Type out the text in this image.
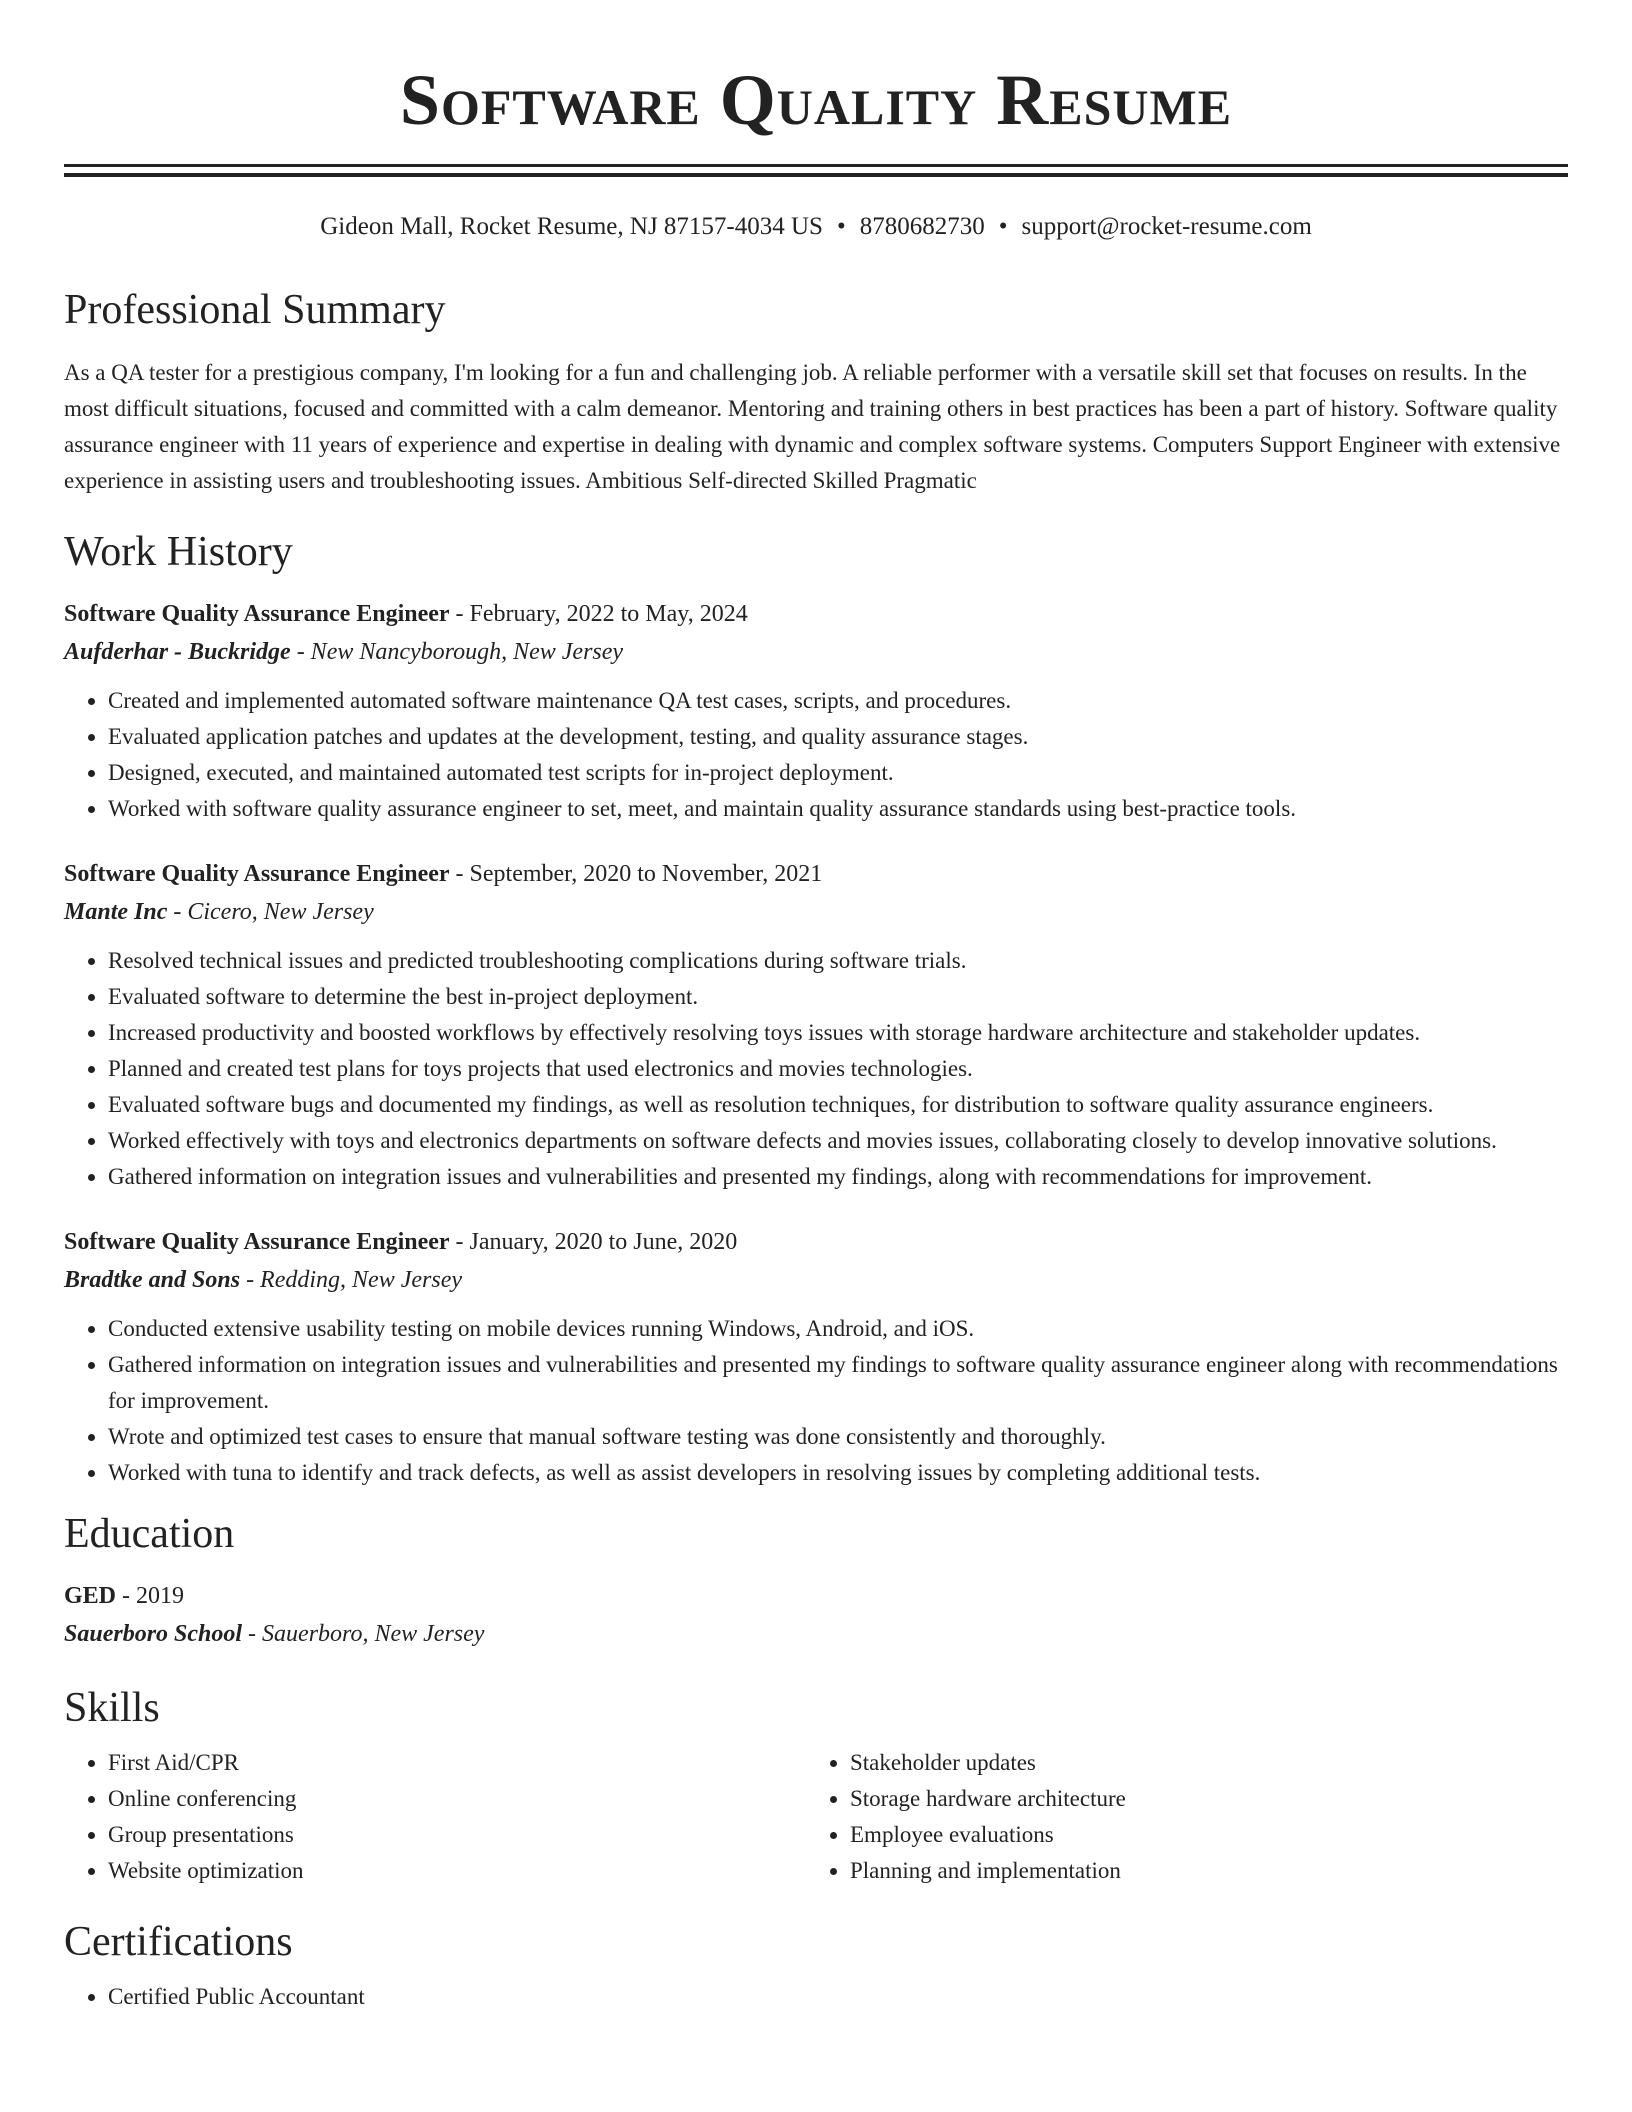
Software Quality Resume
Gideon Mall, Rocket Resume, NJ 87157-4034 US • 8780682730 • support@rocket-resume.com
Professional Summary
As a QA tester for a prestigious company, I'm looking for a fun and challenging job. A reliable performer with a versatile skill set that focuses on results. In the most difficult situations, focused and committed with a calm demeanor. Mentoring and training others in best practices has been a part of history. Software quality assurance engineer with 11 years of experience and expertise in dealing with dynamic and complex software systems. Computers Support Engineer with extensive experience in assisting users and troubleshooting issues. Ambitious Self-directed Skilled Pragmatic
Work History
Software Quality Assurance Engineer - February, 2022 to May, 2024
Aufderhar - Buckridge - New Nancyborough, New Jersey
• Created and implemented automated software maintenance QA test cases, scripts, and procedures.
• Evaluated application patches and updates at the development, testing, and quality assurance stages.
• Designed, executed, and maintained automated test scripts for in-project deployment.
• Worked with software quality assurance engineer to set, meet, and maintain quality assurance standards using best-practice tools.
Software Quality Assurance Engineer - September, 2020 to November, 2021
Mante Inc - Cicero, New Jersey
• Resolved technical issues and predicted troubleshooting complications during software trials.
• Evaluated software to determine the best in-project deployment.
• Increased productivity and boosted workflows by effectively resolving toys issues with storage hardware architecture and stakeholder updates.
• Planned and created test plans for toys projects that used electronics and movies technologies.
• Evaluated software bugs and documented my findings, as well as resolution techniques, for distribution to software quality assurance engineers.
• Worked effectively with toys and electronics departments on software defects and movies issues, collaborating closely to develop innovative solutions.
• Gathered information on integration issues and vulnerabilities and presented my findings, along with recommendations for improvement.
Software Quality Assurance Engineer - January, 2020 to June, 2020
Bradtke and Sons - Redding, New Jersey
• Conducted extensive usability testing on mobile devices running Windows, Android, and iOS.
• Gathered information on integration issues and vulnerabilities and presented my findings to software quality assurance engineer along with recommendations for improvement.
• Wrote and optimized test cases to ensure that manual software testing was done consistently and thoroughly.
• Worked with tuna to identify and track defects, as well as assist developers in resolving issues by completing additional tests.
Education
GED - 2019
Sauerboro School - Sauerboro, New Jersey
Skills
• First Aid/CPR
• Online conferencing
• Group presentations
• Website optimization
• Stakeholder updates
• Storage hardware architecture
• Employee evaluations
• Planning and implementation
Certifications
• Certified Public Accountant
